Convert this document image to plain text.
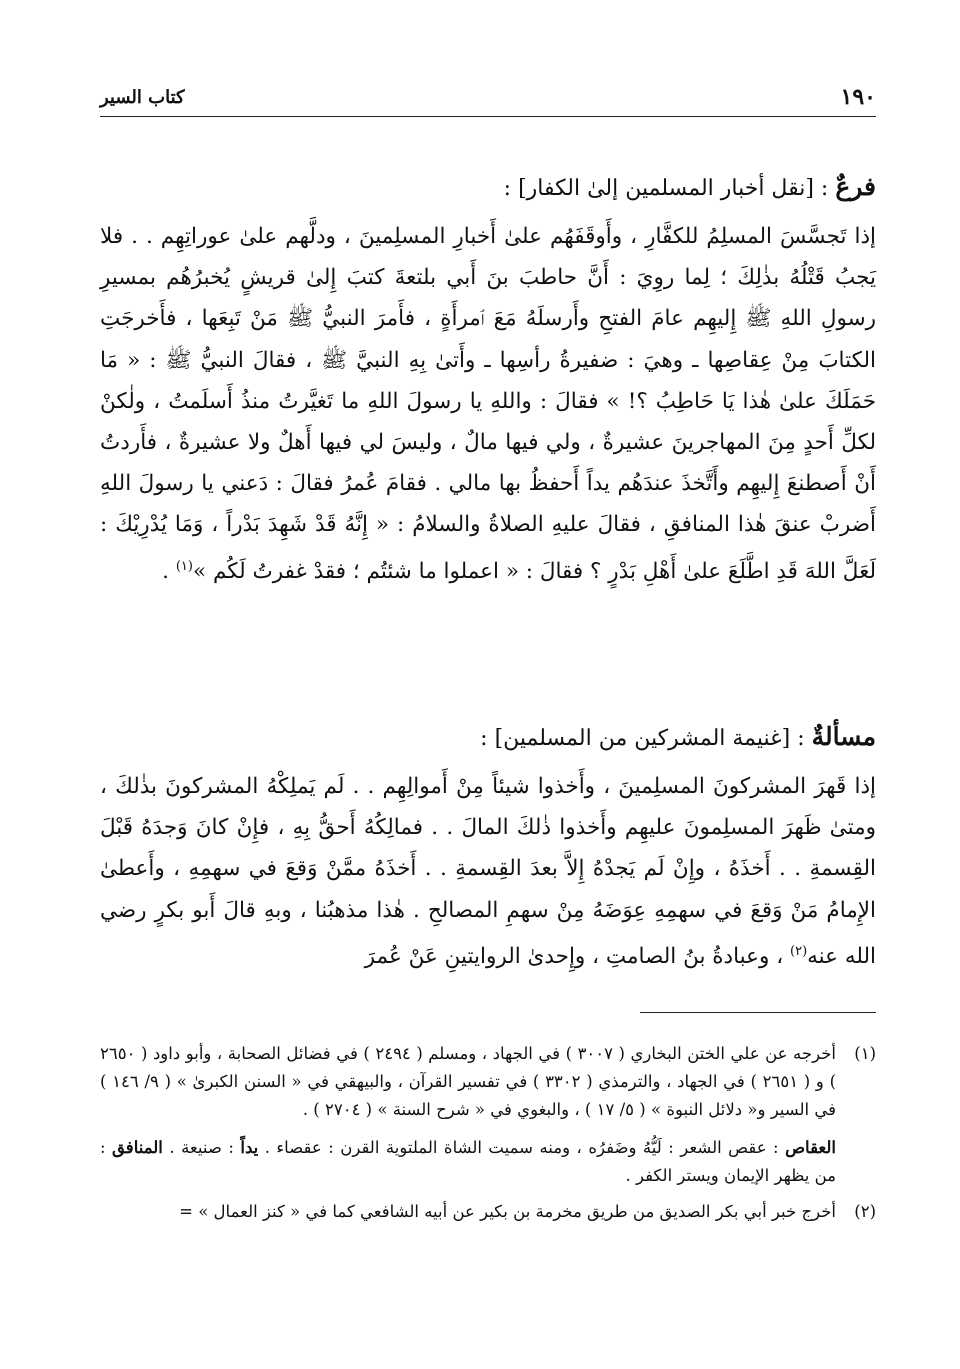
١٩٠
كتاب السير

فرعٌ : [نقل أخبار المسلمين إلىٰ الكفار] :

إذا تَجسَّسَ المسلِمُ للكفَّارِ ، وأَوقَفَهُم علىٰ أَخبارِ المسلِمينَ ، ودلَّهم علىٰ عوراتِهِم . . فلا يَجبُ قَتْلُهُ بذٰلِكَ ؛ لِما روِيَ : أَنَّ حاطبَ بنَ أَبي بلتعةَ كتبَ إِلىٰ قريشٍ يُخبرُهُم بمسيرِ رسولِ اللهِ ﷺ إِليهِم عامَ الفتحِ وأَرسلَهُ مَعَ ٱمرأَةٍ ، فأَمرَ النبيُّ ﷺ مَنْ تَبِعَها ، فأَخرجَتِ الكتابَ مِنْ عِقاصِها ـ وهيَ : ضفيرةُ رأسِها ـ وأَتىٰ بِهِ النبيَّ ﷺ ، فقالَ النبيُّ ﷺ : « مَا حَمَلَكَ علىٰ هٰذا يَا حَاطِبُ ؟! » فقالَ : واللهِ يا رسولَ اللهِ ما تَغيَّرتُ منذُ أَسلَمتُ ، ولٰكنْ لكلِّ أَحدٍ مِنَ المهاجرينَ عشيرةٌ ، ولي فيها مالٌ ، وليسَ لي فيها أَهلٌ ولا عشيرةٌ ، فأَردتُ أَنْ أَصطنعَ إِليهِم وأَتَّخذَ عندَهُم يداً أَحفظُ بها مالي . فقامَ عُمرُ فقالَ : دَعني يا رسولَ اللهِ أَضربْ عنقَ هٰذا المنافقِ ، فقالَ عليهِ الصلاةُ والسلامُ : « إِنَّهُ قَدْ شَهِدَ بَدْراً ، وَمَا يُدْرِيْكَ : لَعَلَّ اللهَ قَدِ اطَّلَعَ علىٰ أَهْلِ بَدْرٍ ؟ فقالَ : « اعملوا ما شئتُم ؛ فقدْ غفرتُ لَكُم »$^{(١)}$ .

مسألةٌ : [غنيمة المشركين من المسلمين] :

إذا قَهرَ المشركونَ المسلِمينَ ، وأَخذوا شيئاً مِنْ أَموالِهِم . . لَم يَملِكْهُ المشركونَ بذٰلكَ ، ومتىٰ ظَهرَ المسلِمونَ عليهِم وأَخذوا ذٰلكَ المالَ . . فمالِكُهُ أَحقُّ بِهِ ، فإِنْ كانَ وَجدَهُ قَبْلَ القِسمةِ . . أَخذَهُ ، وإِنْ لَم يَجدْهُ إِلاَّ بعدَ القِسمةِ . . أَخذَهُ ممَّنْ وَقعَ في سهمِهِ ، وأَعطىٰ الإِمامُ مَنْ وَقعَ في سهمِهِ عِوَضَهُ مِنْ سهمِ المصالحِ . هٰذا مذهبُنا ، وبهِ قالَ أَبو بكرٍ رضي الله عنه$^{(٢)}$ ، وعبادةُ بنُ الصامتِ ، وإِحدىٰ الروايتينِ عَنْ عُمرَ

(١)
أخرجه عن علي الختن البخاري ( ٣٠٠٧ ) في الجهاد ، ومسلم ( ٢٤٩٤ ) في فضائل الصحابة ، وأبو داود ( ٢٦٥٠ ) و ( ٢٦٥١ ) في الجهاد ، والترمذي ( ٣٣٠٢ ) في تفسير القرآن ، والبيهقي في « السنن الكبرىٰ » ( ٩/ ١٤٦ ) في السير و« دلائل النبوة » ( ٥/ ١٧ ) ، والبغوي في « شرح السنة » ( ٢٧٠٤ ) .
العقاص : عقص الشعر : لَيُّهُ وضَفرُه ، ومنه سميت الشاة الملتوية القرن : عقصاء . يداً : صنيعة . المنافق : من يظهر الإيمان ويستر الكفر .
(٢)
أخرج خبر أبي بكر الصديق من طريق مخرمة بن بكير عن أبيه الشافعي كما في « كنز العمال » =
